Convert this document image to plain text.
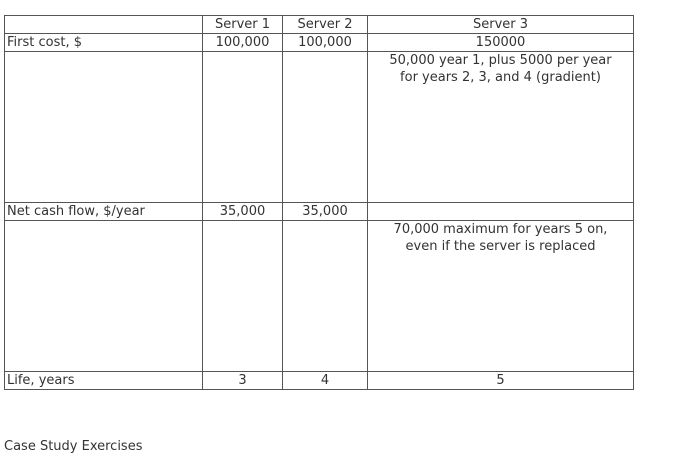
	Server 1	Server 2	Server 3
First cost, $	100,000	100,000	150000
			50,000 year 1, plus 5000 per year for years 2, 3, and 4 (gradient)
Net cash flow, $/year	35,000	35,000	
			70,000 maximum for years 5 on, even if the server is replaced
Life, years	3	4	5
Case Study Exercises
